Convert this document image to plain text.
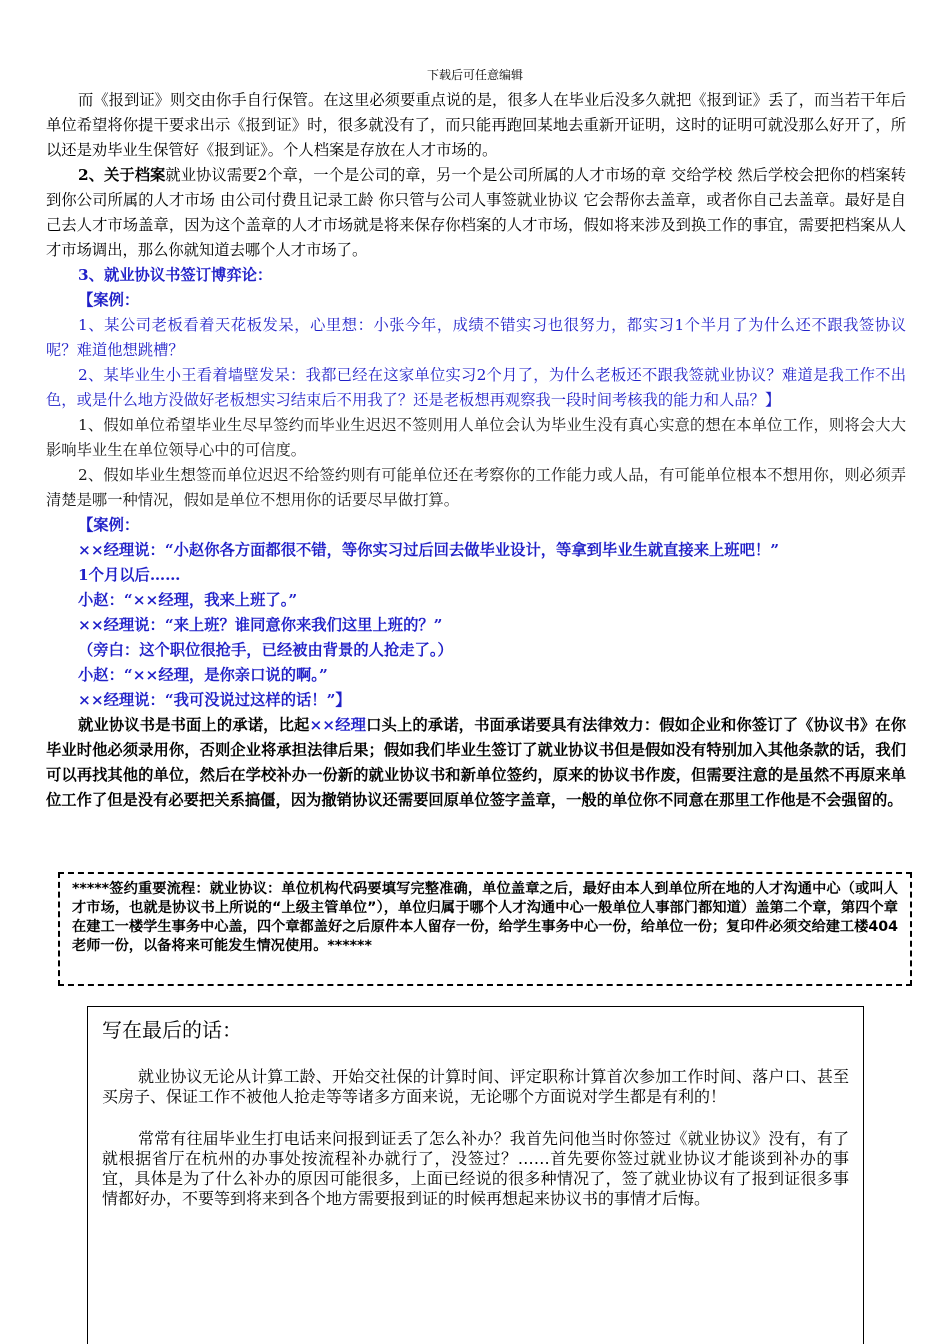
下载后可任意编辑

而《报到证》则交由你手自行保管。在这里必须要重点说的是，很多人在毕业后没多久就把《报到证》丢了，而当若干年后单位希望将你提干要求出示《报到证》时，很多就没有了，而只能再跑回某地去重新开证明，这时的证明可就没那么好开了，所以还是劝毕业生保管好《报到证》。个人档案是存放在人才市场的。

2、关于档案就业协议需要2个章，一个是公司的章，另一个是公司所属的人才市场的章 交给学校 然后学校会把你的档案转到你公司所属的人才市场 由公司付费且记录工龄 你只管与公司人事签就业协议 它会帮你去盖章，或者你自己去盖章。最好是自己去人才市场盖章，因为这个盖章的人才市场就是将来保存你档案的人才市场，假如将来涉及到换工作的事宜，需要把档案从人才市场调出，那么你就知道去哪个人才市场了。

3、就业协议书签订博弈论：

【案例：

1、某公司老板看着天花板发呆，心里想：小张今年，成绩不错实习也很努力，都实习1个半月了为什么还不跟我签协议呢？难道他想跳槽？

2、某毕业生小王看着墙壁发呆：我都已经在这家单位实习2个月了，为什么老板还不跟我签就业协议？难道是我工作不出色，或是什么地方没做好老板想实习结束后不用我了？还是老板想再观察我一段时间考核我的能力和人品？】

1、假如单位希望毕业生尽早签约而毕业生迟迟不签则用人单位会认为毕业生没有真心实意的想在本单位工作，则将会大大影响毕业生在单位领导心中的可信度。

2、假如毕业生想签而单位迟迟不给签约则有可能单位还在考察你的工作能力或人品，有可能单位根本不想用你，则必须弄清楚是哪一种情况，假如是单位不想用你的话要尽早做打算。

【案例：

××经理说：“小赵你各方面都很不错，等你实习过后回去做毕业设计，等拿到毕业生就直接来上班吧！”

1个月以后……

小赵：“××经理，我来上班了。”

××经理说：“来上班？谁同意你来我们这里上班的？”

（旁白：这个职位很抢手，已经被由背景的人抢走了。）

小赵：“××经理，是你亲口说的啊。”

××经理说：“我可没说过这样的话！”】

就业协议书是书面上的承诺，比起××经理口头上的承诺，书面承诺要具有法律效力：假如企业和你签订了《协议书》在你毕业时他必须录用你，否则企业将承担法律后果；假如我们毕业生签订了就业协议书但是假如没有特别加入其他条款的话，我们可以再找其他的单位，然后在学校补办一份新的就业协议书和新单位签约，原来的协议书作废，但需要注意的是虽然不再原来单位工作了但是没有必要把关系搞僵，因为撤销协议还需要回原单位签字盖章，一般的单位你不同意在那里工作他是不会强留的。

*****签约重要流程：就业协议：单位机构代码要填写完整准确，单位盖章之后，最好由本人到单位所在地的人才沟通中心（或叫人才市场，也就是协议书上所说的“上级主管单位”），单位归属于哪个人才沟通中心一般单位人事部门都知道）盖第二个章，第四个章在建工一楼学生事务中心盖，四个章都盖好之后原件本人留存一份，给学生事务中心一份，给单位一份；复印件必须交给建工楼404老师一份，以备将来可能发生情况使用。******
写在最后的话：

就业协议无论从计算工龄、开始交社保的计算时间、评定职称计算首次参加工作时间、落户口、甚至买房子、保证工作不被他人抢走等等诸多方面来说，无论哪个方面说对学生都是有利的！

常常有往届毕业生打电话来问报到证丢了怎么补办？我首先问他当时你签过《就业协议》没有，有了就根据省厅在杭州的办事处按流程补办就行了，没签过？……首先要你签过就业协议才能谈到补办的事宜，具体是为了什么补办的原因可能很多，上面已经说的很多种情况了，签了就业协议有了报到证很多事情都好办，不要等到将来到各个地方需要报到证的时候再想起来协议书的事情才后悔。
